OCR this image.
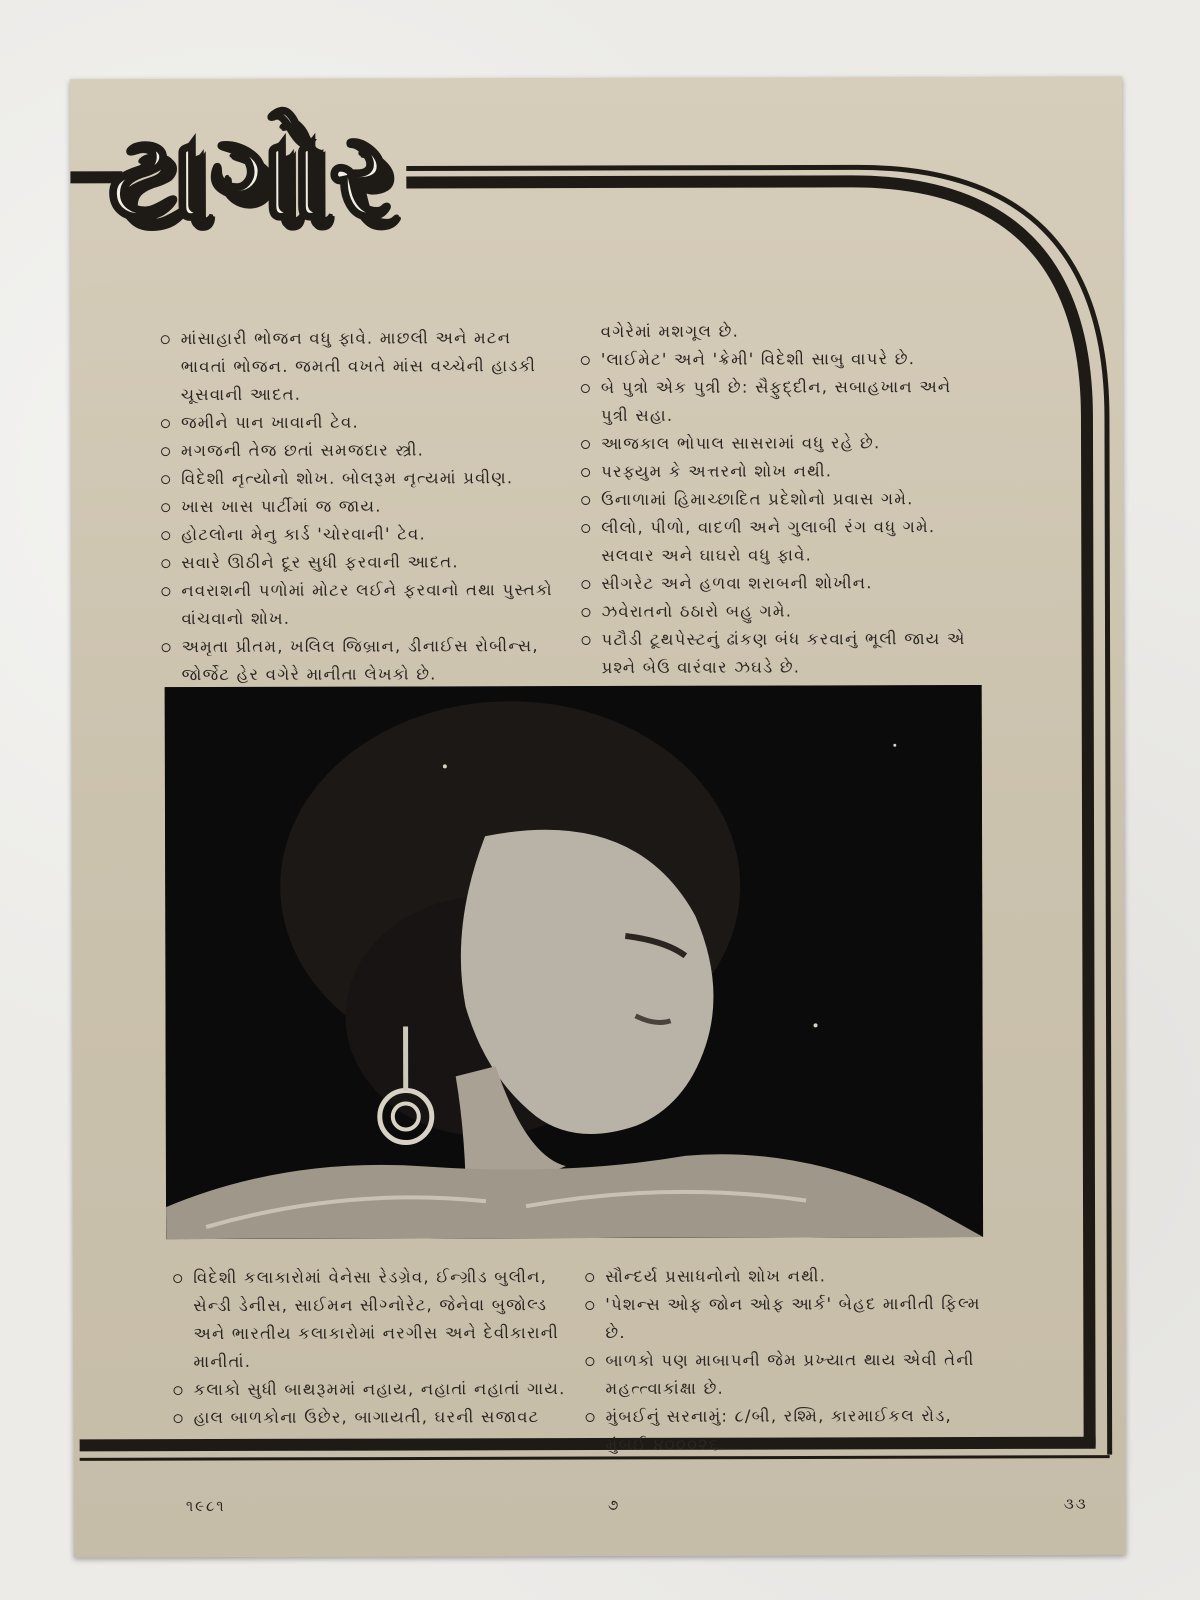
ટાગોર
માંસાહારી ભોજન વધુ ફાવે. માછલી અને મટન
ભાવતાં ભોજન. જમતી વખતે માંસ વચ્ચેની હાડકી
ચૂસવાની આદત.
જમીને પાન ખાવાની ટેવ.
મગજની તેજ છતાં સમજદાર સ્ત્રી.
વિદેશી નૃત્યોનો શોખ. બોલરૂમ નૃત્યમાં પ્રવીણ.
ખાસ ખાસ પાર્ટીમાં જ જાય.
હોટલોના મેનુ કાર્ડ 'ચોરવાની' ટેવ.
સવારે ઊઠીને દૂર સુધી ફરવાની આદત.
નવરાશની પળોમાં મોટર લઈને ફરવાનો તથા પુસ્તકો
વાંચવાનો શોખ.
અમૃતા પ્રીતમ, ખલિલ જિબ્રાન, ડીનાઈસ રોબીન્સ,
જોર્જેટ હેર વગેરે માનીતા લેખકો છે.
વગેરેમાં મશગૂલ છે.
'લાઈમેટ' અને 'ક્રેમી' વિદેશી સાબુ વાપરે છે.
બે પુત્રો એક પુત્રી છે: સૈફુદ્દીન, સબાહખાન અને
પુત્રી સહા.
આજકાલ ભોપાલ સાસરામાં વધુ રહે છે.
પરફ્યુમ કે અત્તરનો શોખ નથી.
ઉનાળામાં હિમાચ્છાદિત પ્રદેશોનો પ્રવાસ ગમે.
લીલો, પીળો, વાદળી અને ગુલાબી રંગ વધુ ગમે.
સલવાર અને ઘાઘરો વધુ ફાવે.
સીગરેટ અને હળવા શરાબની શોખીન.
ઝવેરાતનો ઠઠારો બહુ ગમે.
પટૌડી ટૂથપેસ્ટનું ઢાંકણ બંધ કરવાનું ભૂલી જાય એ
પ્રશ્ને બેઉ વારંવાર ઝઘડે છે.
વિદેશી કલાકારોમાં વેનેસા રેડગ્રેવ, ઈન્ગ્રીડ બુલીન,
સેન્ડી ડેનીસ, સાઈમન સીગ્નોરેટ, જેનેવા બુજોલ્ડ
અને ભારતીય કલાકારોમાં નરગીસ અને દેવીકારાની
માનીતાં.
કલાકો સુધી બાથરૂમમાં નહાય, નહાતાં નહાતાં ગાય.
હાલ બાળકોના ઉછેર, બાગાયતી, ઘરની સજાવટ
સૌન્દર્ય પ્રસાધનોનો શોખ નથી.
'પેશન્સ ઓફ જોન ઓફ આર્ક' બેહદ માનીતી ફિલ્મ છે.
બાળકો પણ માબાપની જેમ પ્રખ્યાત થાય એવી તેની
મહત્ત્વાકાંક્ષા છે.
મુંબઈનું સરનામું: ૮/બી, રશ્મિ, કારમાઈકલ રોડ,
મુંબઈ ૪૦૦૦૨૬.
૧૯૮૧	૭	૩૩
